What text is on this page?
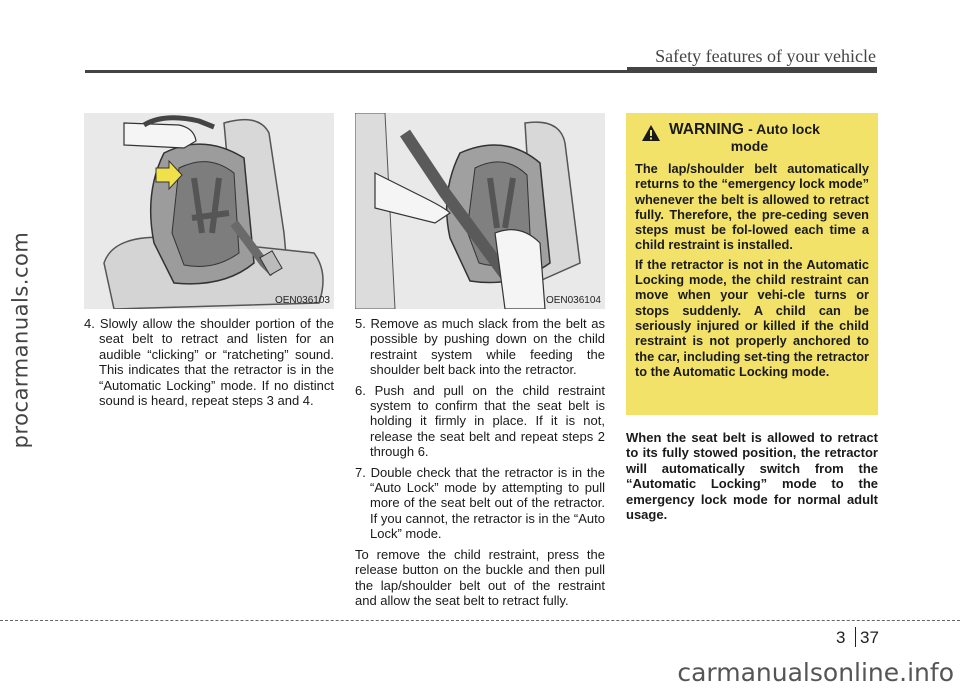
procarmanuals.com
Safety features of your vehicle
OEN036103	OEN036104

4. Slowly allow the shoulder portion of the seat belt to retract and listen for an audible “clicking” or “ratcheting” sound. This indicates that the retractor is in the “Automatic Locking” mode. If no distinct sound is heard, repeat steps 3 and 4.

5. Remove as much slack from the belt as possible by pushing down on the child restraint system while feeding the shoulder belt back into the retractor.

6. Push and pull on the child restraint system to confirm that the seat belt is holding it firmly in place. If it is not, release the seat belt and repeat steps 2 through 6.

7. Double check that the retractor is in the “Auto Lock” mode by attempting to pull more of the seat belt out of the retractor. If you cannot, the retractor is in the “Auto Lock” mode.

To remove the child restraint, press the release button on the buckle and then pull the lap/shoulder belt out of the restraint and allow the seat belt to retract fully.

WARNING - Auto lock
mode

The lap/shoulder belt automatically returns to the “emergency lock mode” whenever the belt is allowed to retract fully. Therefore, the pre-ceding seven steps must be fol-lowed each time a child restraint is installed.

If the retractor is not in the Automatic Locking mode, the child restraint can move when your vehi-cle turns or stops suddenly. A child can be seriously injured or killed if the child restraint is not properly anchored to the car, including set-ting the retractor to the Automatic Locking mode.

When the seat belt is allowed to retract to its fully stowed position, the retractor will automatically switch from the “Automatic Locking” mode to the emergency lock mode for normal adult usage.

3 37
carmanualsonline.info
